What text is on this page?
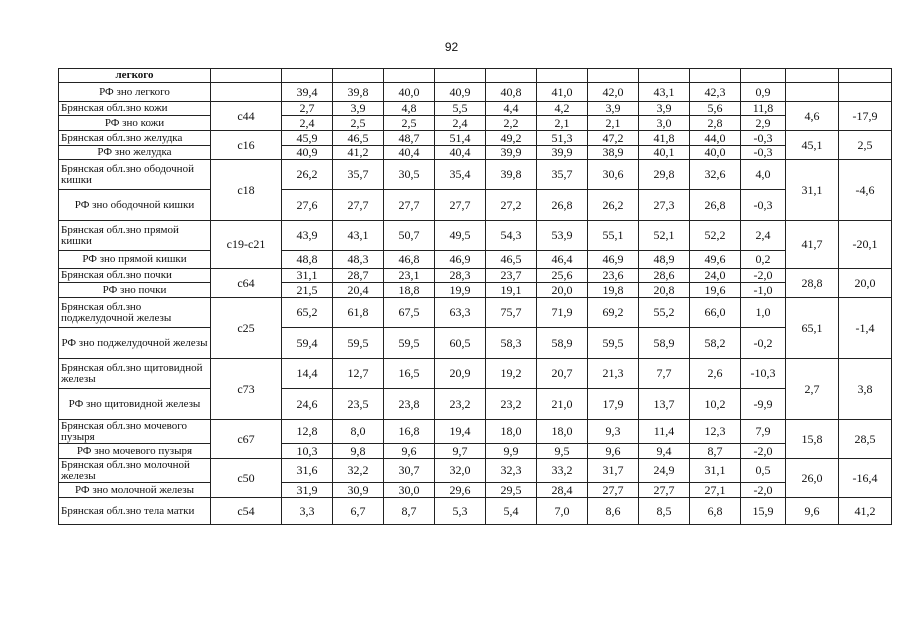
92
легкого													
РФ зно легкого		39,4	39,8	40,0	40,9	40,8	41,0	42,0	43,1	42,3	0,9		
Брянская обл.зно кожи	c44	2,7	3,9	4,8	5,5	4,4	4,2	3,9	3,9	5,6	11,8	4,6	-17,9
РФ зно кожи		2,4	2,5	2,5	2,4	2,2	2,1	2,1	3,0	2,8	2,9		
Брянская обл.зно желудка	c16	45,9	46,5	48,7	51,4	49,2	51,3	47,2	41,8	44,0	-0,3	45,1	2,5
РФ зно желудка		40,9	41,2	40,4	40,4	39,9	39,9	38,9	40,1	40,0	-0,3		
Брянская обл.зно ободочной кишки	c18	26,2	35,7	30,5	35,4	39,8	35,7	30,6	29,8	32,6	4,0	31,1	-4,6
РФ зно ободочной кишки		27,6	27,7	27,7	27,7	27,2	26,8	26,2	27,3	26,8	-0,3		
Брянская обл.зно прямой кишки	c19-c21	43,9	43,1	50,7	49,5	54,3	53,9	55,1	52,1	52,2	2,4	41,7	-20,1
РФ зно прямой кишки		48,8	48,3	46,8	46,9	46,5	46,4	46,9	48,9	49,6	0,2		
Брянская обл.зно почки	c64	31,1	28,7	23,1	28,3	23,7	25,6	23,6	28,6	24,0	-2,0	28,8	20,0
РФ зно почки		21,5	20,4	18,8	19,9	19,1	20,0	19,8	20,8	19,6	-1,0		
Брянская обл.зно поджелудочной железы	c25	65,2	61,8	67,5	63,3	75,7	71,9	69,2	55,2	66,0	1,0	65,1	-1,4
РФ зно поджелудочной железы		59,4	59,5	59,5	60,5	58,3	58,9	59,5	58,9	58,2	-0,2		
Брянская обл.зно щитовидной железы	c73	14,4	12,7	16,5	20,9	19,2	20,7	21,3	7,7	2,6	-10,3	2,7	3,8
РФ зно щитовидной железы		24,6	23,5	23,8	23,2	23,2	21,0	17,9	13,7	10,2	-9,9		
Брянская обл.зно мочевого пузыря	c67	12,8	8,0	16,8	19,4	18,0	18,0	9,3	11,4	12,3	7,9	15,8	28,5
РФ зно мочевого пузыря		10,3	9,8	9,6	9,7	9,9	9,5	9,6	9,4	8,7	-2,0		
Брянская обл.зно молочной железы	c50	31,6	32,2	30,7	32,0	32,3	33,2	31,7	24,9	31,1	0,5	26,0	-16,4
РФ зно молочной железы		31,9	30,9	30,0	29,6	29,5	28,4	27,7	27,7	27,1	-2,0		
Брянская обл.зно тела матки	c54	3,3	6,7	8,7	5,3	5,4	7,0	8,6	8,5	6,8	15,9	9,6	41,2
